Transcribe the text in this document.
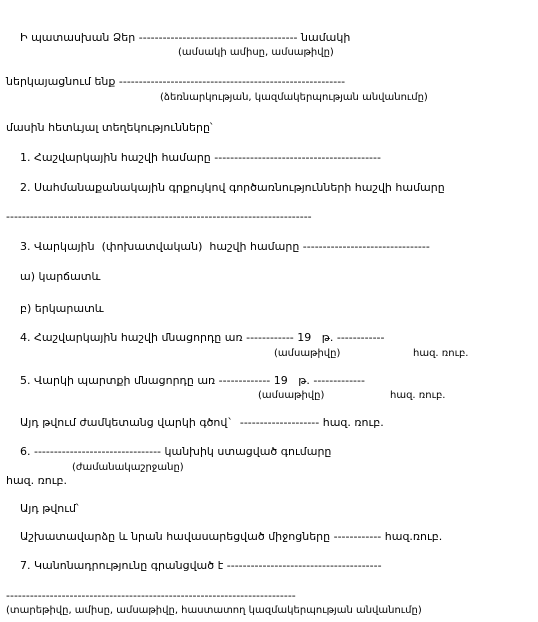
Ի պատասխան Ձեր ---------------------------------------- նամակի
(ամսակի ամիսը, ամսաթիվը)
ներկայացնում ենք ---------------------------------------------------------
(ձեռնարկության, կազմակերպության անվանումը)
մասին հետևյալ տեղեկությունները՝
1. Հաշվարկային հաշվի համարը ------------------------------------------
2. Սահմանաքանակային գրքույկով գործառնությունների հաշվի համարը
-----------------------------------------------------------------------------
3. Վարկային  (փոխատվական)  հաշվի համարը --------------------------------
ա) կարճատև
բ) երկարատև
4. Հաշվարկային հաշվի մնացորդը առ ------------ 19   թ. ------------
(ամսաթիվը)	հազ. ռուբ.
5. Վարկի պարտքի մնացորդը առ ------------- 19   թ. -------------
(ամսաթիվը)	հազ. ռուբ.
Այդ թվում ժամկետանց վարկի գծով`  -------------------- հազ. ռուբ.
6. -------------------------------- կանխիկ ստացված գումարը
(ժամանակաշրջանը)
հազ. ռուբ.
Այդ թվում՝
Աշխատավարձը և նրան հավասարեցված միջոցները ------------ հազ.ռուբ.
7. Կանոնադրությունը գրանցված է ---------------------------------------
-------------------------------------------------------------------------
(տարեթիվը, ամիսը, ամսաթիվը, հաստատող կազմակերպության անվանումը)
